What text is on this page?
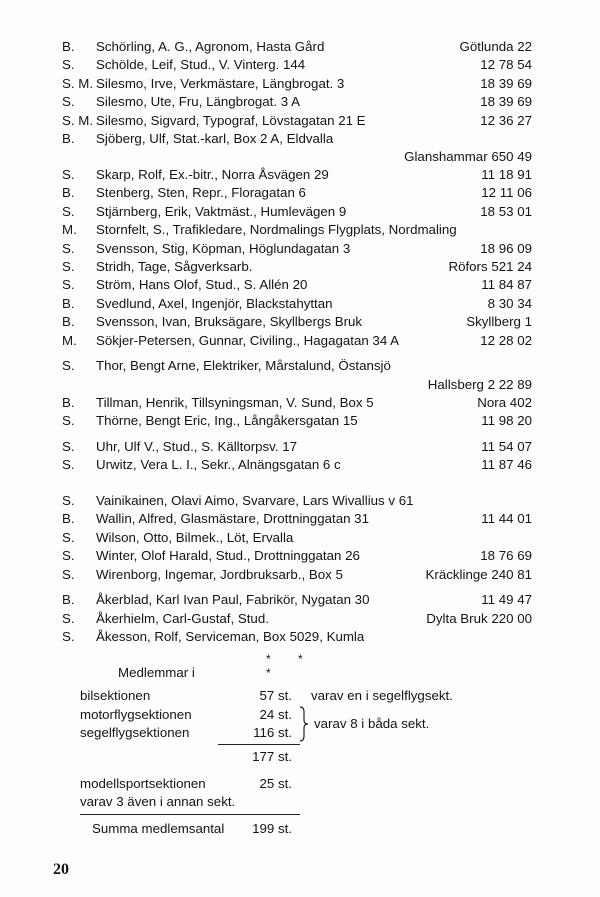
B. Schörling, A. G., Agronom, Hasta Gård	Götlunda 22
S. Schölde, Leif, Stud., V. Vinterg. 144	12 78 54
S. M. Silesmo, Irve, Verkmästare, Längbrogat. 3	18 39 69
S. Silesmo, Ute, Fru, Längbrogat. 3 A	18 39 69
S. M. Silesmo, Sigvard, Typograf, Lövstagatan 21 E	12 36 27
B. Sjöberg, Ulf, Stat.-karl, Box 2 A, Eldvalla
Glanshammar 650 49
S. Skarp, Rolf, Ex.-bitr., Norra Åsvägen 29	11 18 91
B. Stenberg, Sten, Repr., Floragatan 6	12 11 06
S. Stjärnberg, Erik, Vaktmäst., Humlevägen 9	18 53 01
M. Stornfelt, S., Trafikledare, Nordmalings Flygplats, Nordmaling
S. Svensson, Stig, Köpman, Höglundagatan 3	18 96 09
S. Stridh, Tage, Sågverksarb.	Röfors 521 24
S. Ström, Hans Olof, Stud., S. Allén 20	11 84 87
B. Svedlund, Axel, Ingenjör, Blackstahyttan	8 30 34
B. Svensson, Ivan, Bruksägare, Skyllbergs Bruk	Skyllberg 1
M. Sökjer-Petersen, Gunnar, Civiling., Hagagatan 34 A	12 28 02
S. Thor, Bengt Arne, Elektriker, Mårstalund, Östansjö
Hallsberg 2 22 89
B. Tillman, Henrik, Tillsyningsman, V. Sund, Box 5	Nora 402
S. Thörne, Bengt Eric, Ing., Långåkersgatan 15	11 98 20
S. Uhr, Ulf V., Stud., S. Källtorpsv. 17	11 54 07
S. Urwitz, Vera L. I., Sekr., Alnängsgatan 6 c	11 87 46
S. Vainikainen, Olavi Aimo, Svarvare, Lars Wivallius v 61
B. Wallin, Alfred, Glasmästare, Drottninggatan 31	11 44 01
S. Wilson, Otto, Bilmek., Löt, Ervalla
S. Winter, Olof Harald, Stud., Drottninggatan 26	18 76 69
S. Wirenborg, Ingemar, Jordbruksarb., Box 5	Kräcklinge 240 81
B. Åkerblad, Karl Ivan Paul, Fabrikör, Nygatan 30	11 49 47
S. Åkerhielm, Carl-Gustaf, Stud.	Dylta Bruk 220 00
S. Åkesson, Rolf, Serviceman, Box 5029, Kumla
* * *
Medlemmar i
bilsektionen	57 st. varav en i segelflygsekt.
motorflygsektionen	24 st.
segelflygsektionen	116 st.
varav 8 i båda sekt.
177 st.
modellsportsektionen	25 st.
varav 3 även i annan sekt.
Summa medlemsantal	199 st.
20
